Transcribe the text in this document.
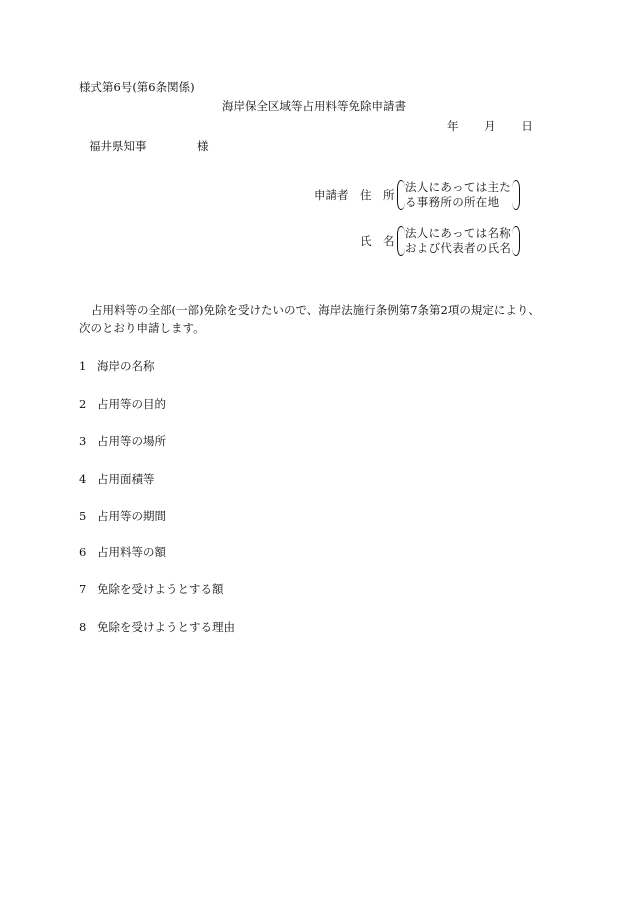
様式第6号(第6条関係)
海岸保全区域等占用料等免除申請書
年 月 日
福井県知事	様
申請者 住　所
法人にあっては主た
る事務所の所在地
氏　名
法人にあっては名称
および代表者の氏名
占用料等の全部(一部)免除を受けたいので、海岸法施行条例第7条第2項の規定により、
次のとおり申請します。
1 海岸の名称
2 占用等の目的
3 占用等の場所
4 占用面積等
5 占用等の期間
6 占用料等の額
7 免除を受けようとする額
8 免除を受けようとする理由
